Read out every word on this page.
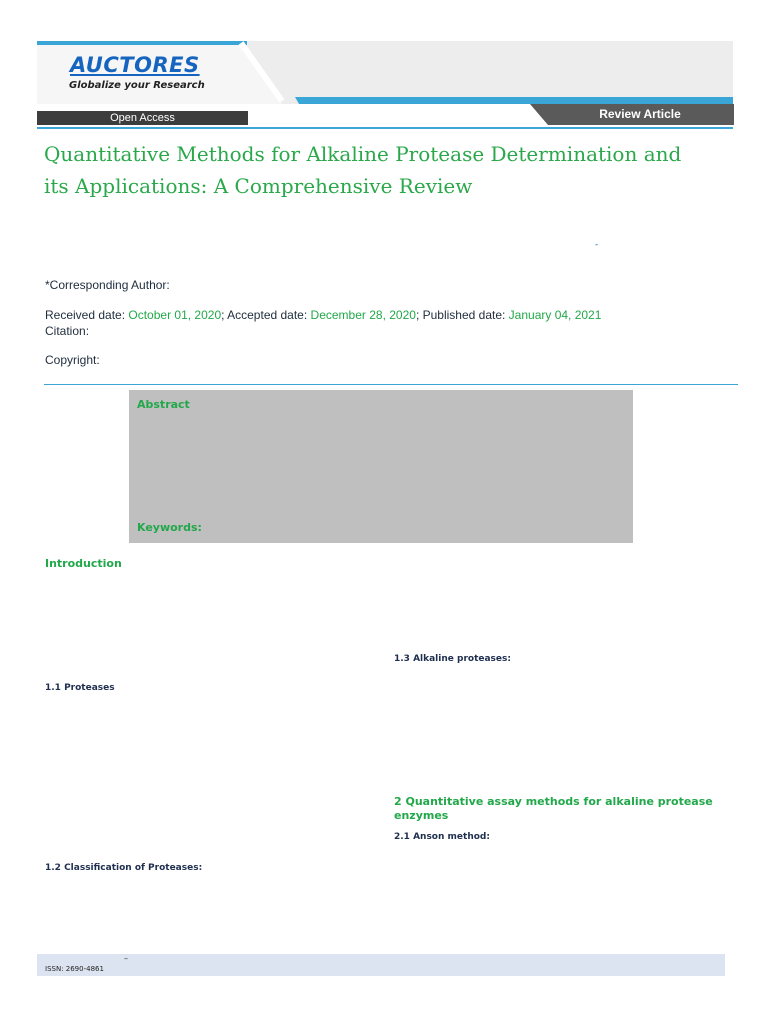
AUCTORES
Globalize your Research
Open Access	Review Article
Quantitative Methods for Alkaline Protease Determination and
its Applications: A Comprehensive Review
-
*Corresponding Author:
Received date: October 01, 2020; Accepted date: December 28, 2020; Published date: January 04, 2021
Citation:
Copyright:
Abstract
Keywords:
Introduction
1.1 Proteases
1.2 Classification of Proteases:
1.3 Alkaline proteases:
2 Quantitative assay methods for alkaline protease
enzymes
2.1 Anson method:
–
ISSN: 2690-4861
